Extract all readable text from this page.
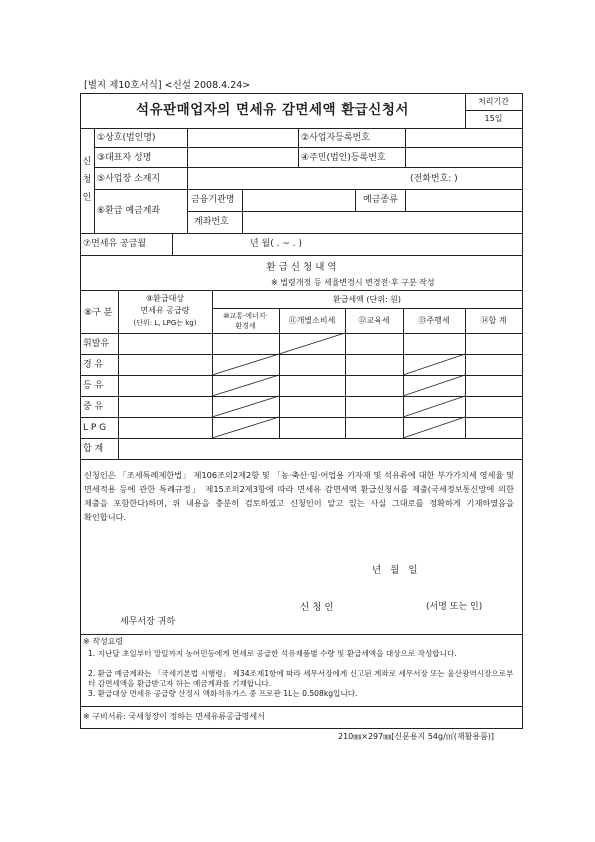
[별지 제10호서식] <신설 2008.4.24>
석유판매업자의 면세유 감면세액 환급신청서
처리기간
15일
신
청
인
①상호(법인명)	②사업자등록번호
③대표자 성명	④주민(법인)등록번호
⑤사업장 소재지	(전화번호: )
⑥환급 예금계좌
금융기관명	예금종류
계좌번호
⑦면세유 공급월	년 월( . ~ . )
환 급 신 청 내 역
※ 법령개정 등 세율변경시 변경전·후 구분 작성
⑧구 분
⑨환급대상
면세유 공급량
(단위: L, LPG는 kg)
환급세액 (단위: 원)
⑩교통·에너지·
환경세
⑪개별소비세	⑫교육세	⑬주행세	⑭합 계
휘발유
경 유
등 유
중 유
L P G
합 계
신청인은 「조세특례제한법」 제106조의2제2항 및 「농·축산·임·어업용 기자재 및 석유류에 대한 부가가치세 영세율 및 면세적용 등에 관한 특례규정」 제15조의2제3항에 따라 면세유 감면세액 환급신청서를 제출(국세정보통신망에 의한 제출을 포함한다)하며, 위 내용을 충분히 검토하였고 신청인이 알고 있는 사실 그대로를 정확하게 기재하였음을 확인합니다.
년 월 일
신 청 인	(서명 또는 인)
세무서장 귀하
※ 작성요령
1. 지난달 초일부터 말일까지 농어민등에게 면세로 공급한 석유제품별 수량 및 환급세액을 대상으로 작성합니다.
2. 환급 예금계좌는 「국세기본법 시행령」 제34조제1항에 따라 세무서장에게 신고된 계좌로 세무서장 또는 울산광역시장으로부터 감면세액을 환급받고자 하는 예금계좌를 기재합니다.
3. 환급대상 면세유 공급량 산정시 액화석유가스 중 프로판 1L는 0.508kg입니다.
※ 구비서류: 국세청장이 정하는 면세유류공급명세서
210㎜×297㎜[신문용지 54g/㎡(재활용품)]
